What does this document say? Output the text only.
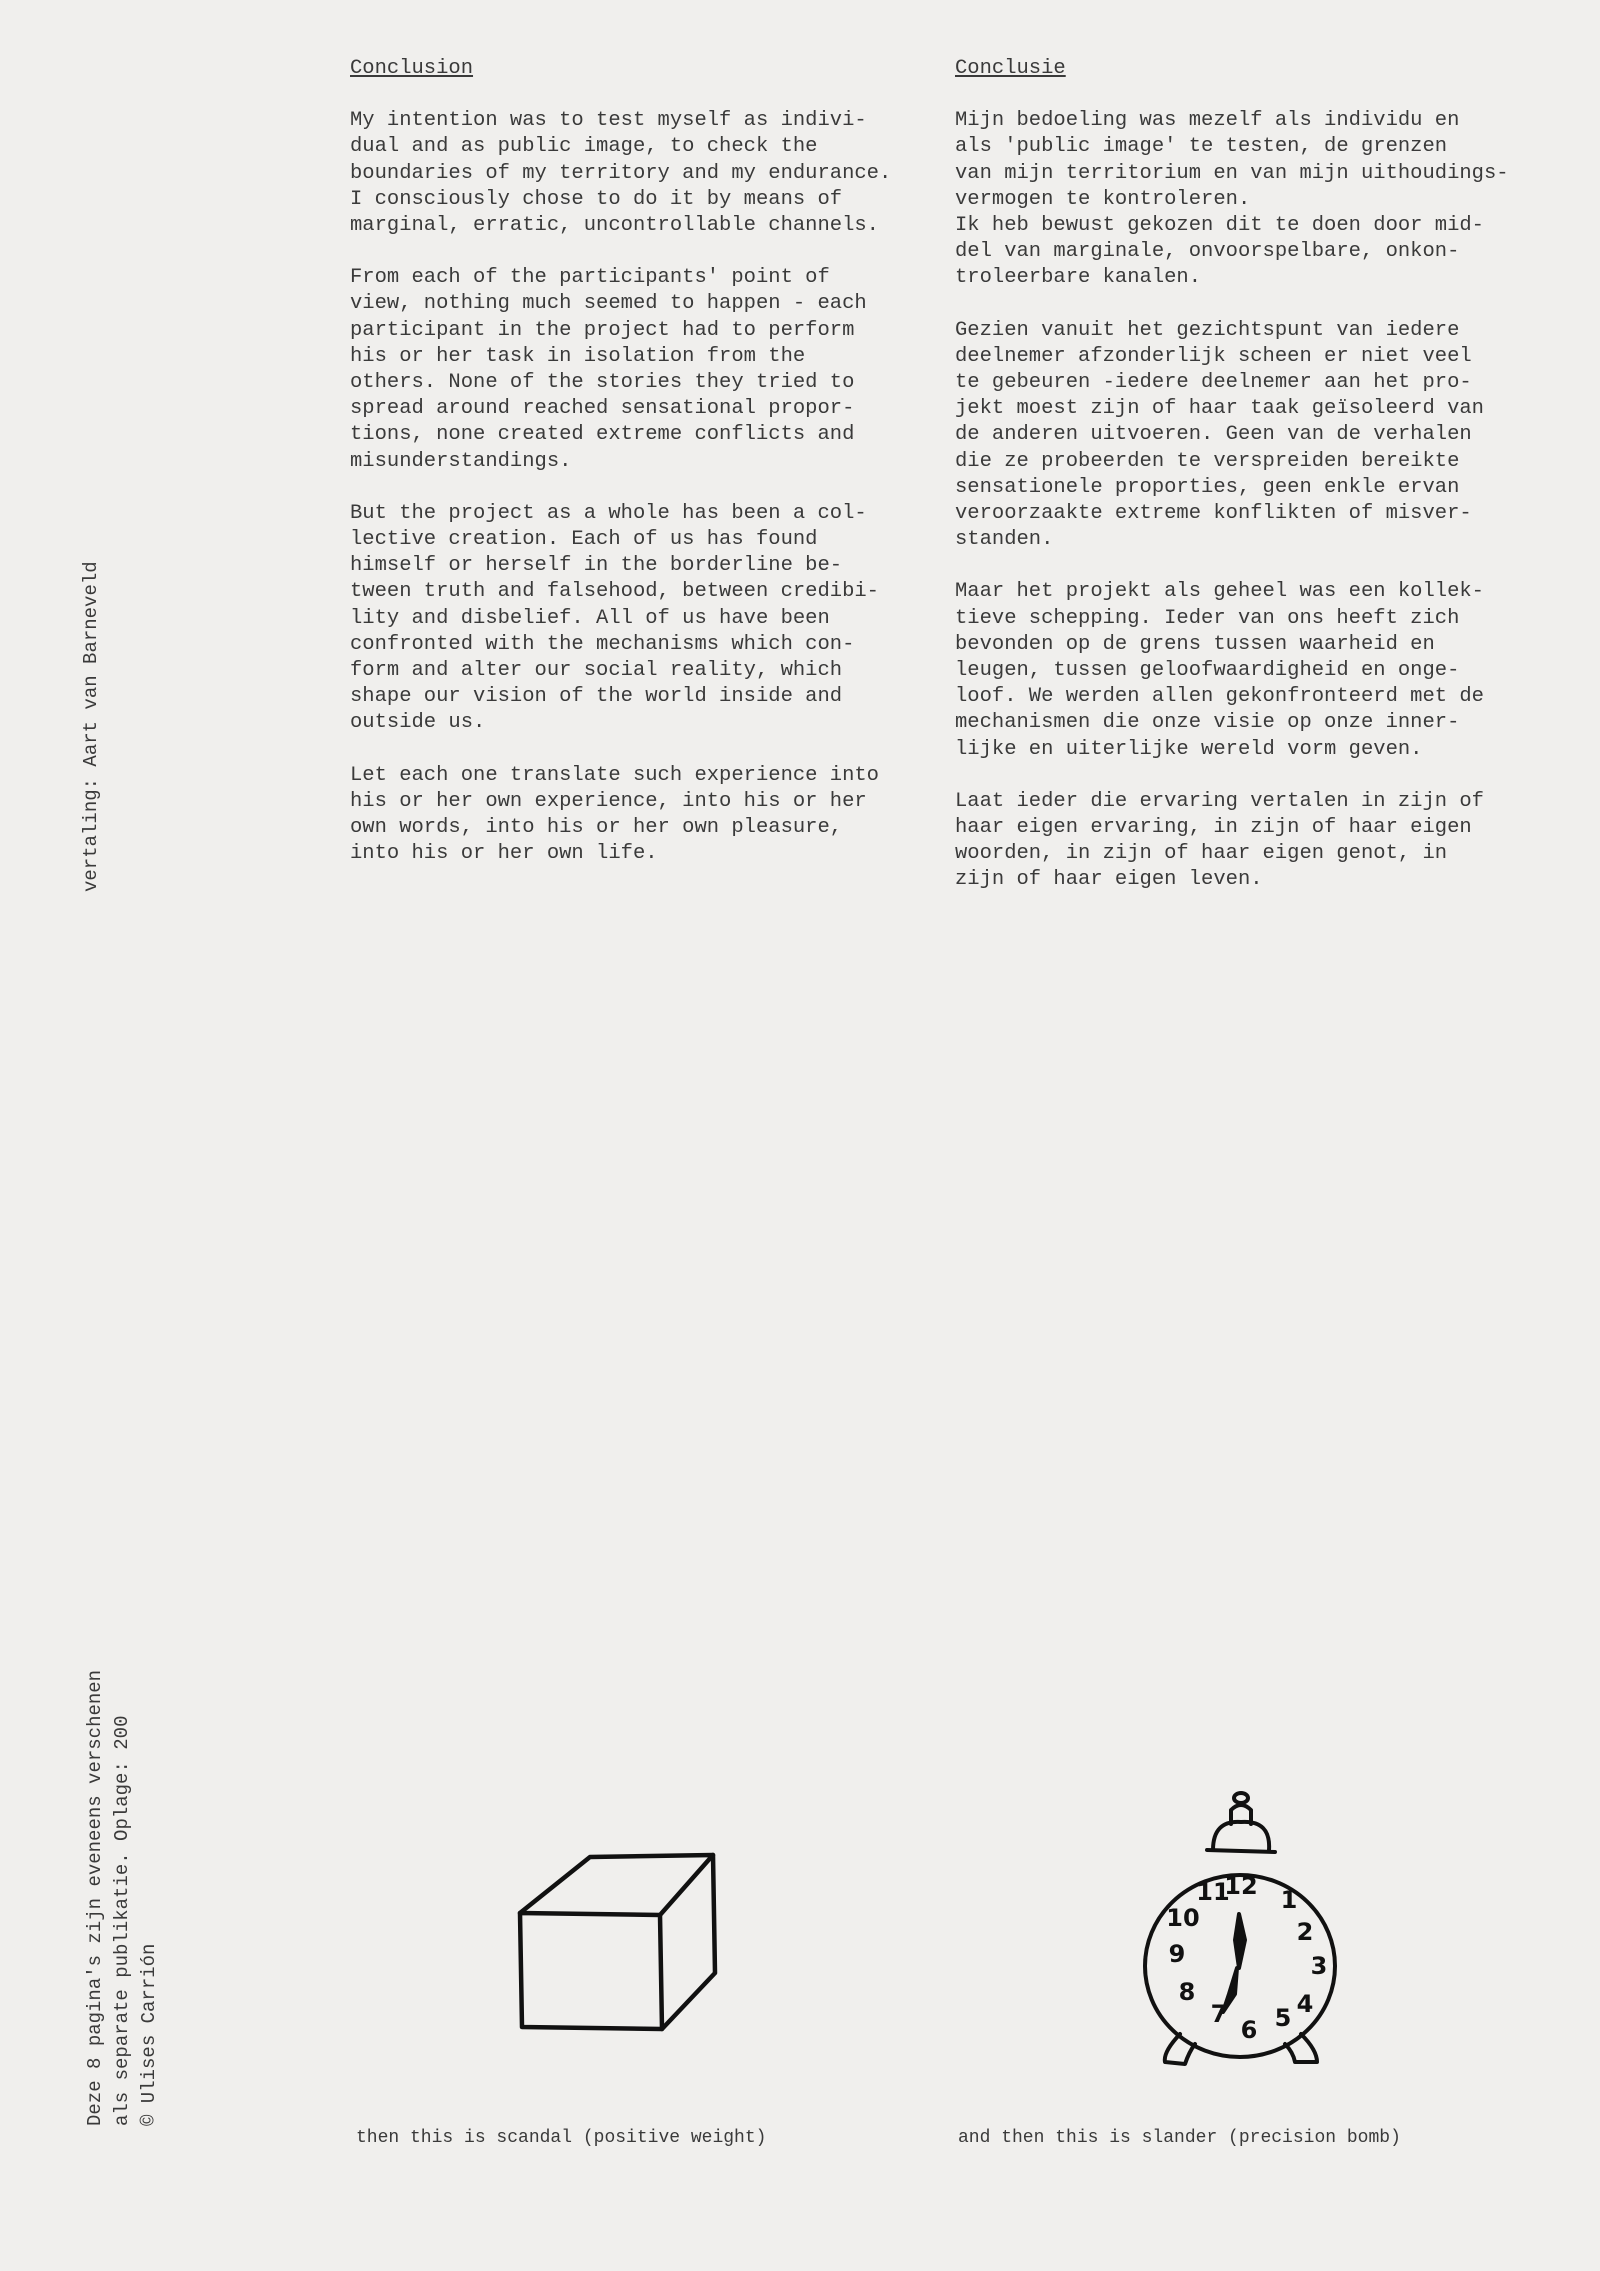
Conclusion
My intention was to test myself as indivi-
dual and as public image, to check the
boundaries of my territory and my endurance.
I consciously chose to do it by means of
marginal, erratic, uncontrollable channels.
From each of the participants' point of
view, nothing much seemed to happen - each
participant in the project had to perform
his or her task in isolation from the
others. None of the stories they tried to
spread around reached sensational propor-
tions, none created extreme conflicts and
misunderstandings.
But the project as a whole has been a col-
lective creation. Each of us has found
himself or herself in the borderline be-
tween truth and falsehood, between credibi-
lity and disbelief. All of us have been
confronted with the mechanisms which con-
form and alter our social reality, which
shape our vision of the world inside and
outside us.
Let each one translate such experience into
his or her own experience, into his or her
own words, into his or her own pleasure,
into his or her own life.
Conclusie
Mijn bedoeling was mezelf als individu en
als 'public image' te testen, de grenzen
van mijn territorium en van mijn uithoudings-
vermogen te kontroleren.
Ik heb bewust gekozen dit te doen door mid-
del van marginale, onvoorspelbare, onkon-
troleerbare kanalen.
Gezien vanuit het gezichtspunt van iedere
deelnemer afzonderlijk scheen er niet veel
te gebeuren -iedere deelnemer aan het pro-
jekt moest zijn of haar taak geïsoleerd van
de anderen uitvoeren. Geen van de verhalen
die ze probeerden te verspreiden bereikte
sensationele proporties, geen enkle ervan
veroorzaakte extreme konflikten of misver-
standen.
Maar het projekt als geheel was een kollek-
tieve schepping. Ieder van ons heeft zich
bevonden op de grens tussen waarheid en
leugen, tussen geloofwaardigheid en onge-
loof. We werden allen gekonfronteerd met de
mechanismen die onze visie op onze inner-
lijke en uiterlijke wereld vorm geven.
Laat ieder die ervaring vertalen in zijn of
haar eigen ervaring, in zijn of haar eigen
woorden, in zijn of haar eigen genot, in
zijn of haar eigen leven.
vertaling: Aart van Barneveld
Deze 8 pagina's zijn eveneens verschenen
als separate publikatie. Oplage: 200
© Ulises Carrión
12 1
2
3
4
5
6
7
8
9
10
11
then this is scandal (positive weight)	and then this is slander (precision bomb)
